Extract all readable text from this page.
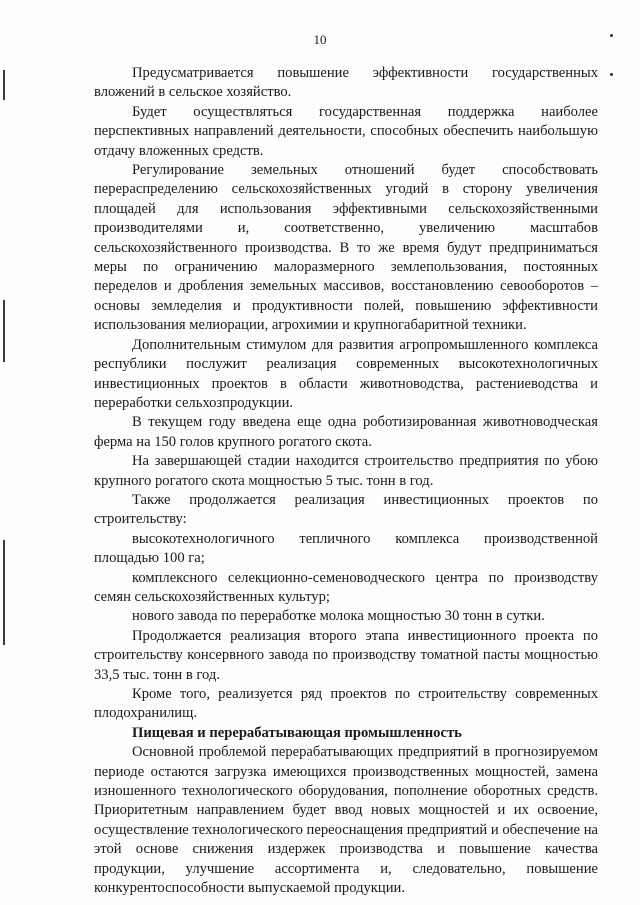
10

Предусматривается повышение эффективности государственных вложений в сельское хозяйство.

Будет осуществляться государственная поддержка наиболее перспективных направлений деятельности, способных обеспечить наибольшую отдачу вложенных средств.

Регулирование земельных отношений будет способствовать перераспределению сельскохозяйственных угодий в сторону увеличения площадей для использования эффективными сельскохозяйственными производителями и, соответственно, увеличению масштабов сельскохозяйственного производства. В то же время будут предприниматься меры по ограничению малоразмерного землепользования, постоянных переделов и дробления земельных массивов, восстановлению севооборотов – основы земледелия и продуктивности полей, повышению эффективности использования мелиорации, агрохимии и крупногабаритной техники.

Дополнительным стимулом для развития агропромышленного комплекса республики послужит реализация современных высокотехнологичных инвестиционных проектов в области животноводства, растениеводства и переработки сельхозпродукции.

В текущем году введена еще одна роботизированная животноводческая ферма на 150 голов крупного рогатого скота.

На завершающей стадии находится строительство предприятия по убою крупного рогатого скота мощностью 5 тыс. тонн в год.

Также продолжается реализация инвестиционных проектов по строительству:

высокотехнологичного тепличного комплекса производственной площадью 100 га;

комплексного селекционно-семеноводческого центра по производству семян сельскохозяйственных культур;

нового завода по переработке молока мощностью 30 тонн в сутки.

Продолжается реализация второго этапа инвестиционного проекта по строительству консервного завода по производству томатной пасты мощностью 33,5 тыс. тонн в год.

Кроме того, реализуется ряд проектов по строительству современных плодохранилищ.

Пищевая и перерабатывающая промышленность

Основной проблемой перерабатывающих предприятий в прогнозируемом периоде остаются загрузка имеющихся производственных мощностей, замена изношенного технологического оборудования, пополнение оборотных средств. Приоритетным направлением будет ввод новых мощностей и их освоение, осуществление технологического переоснащения предприятий и обеспечение на этой основе снижения издержек производства и повышение качества продукции, улучшение ассортимента и, следовательно, повышение конкурентоспособности выпускаемой продукции.
